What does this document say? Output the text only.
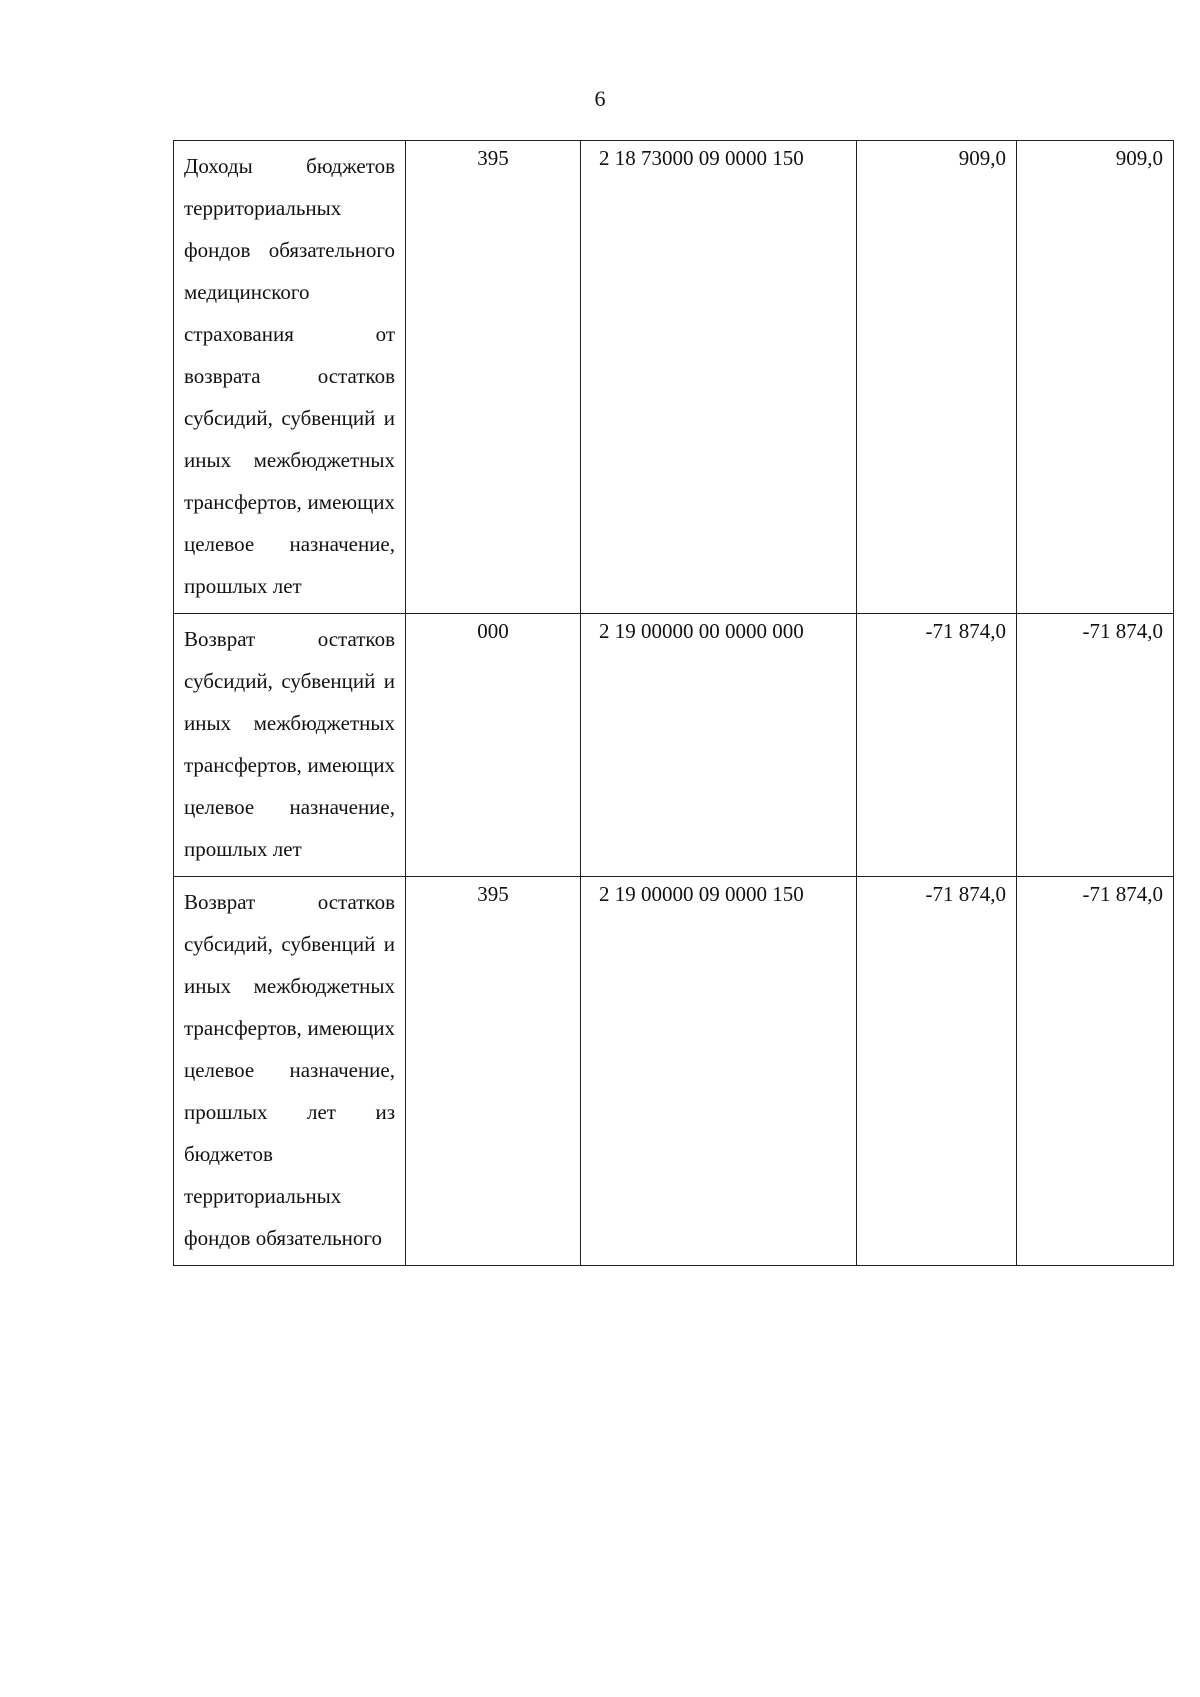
6
Доходы бюджетов территориальных фондов обязательного медицинского страхования от возврата остатков субсидий, субвенций и иных межбюджетных трансфертов, имеющих целевое назначение, прошлых лет	395	2 18 73000 09 0000 150	909,0	909,0
Возврат остатков субсидий, субвенций и иных межбюджетных трансфертов, имеющих целевое назначение, прошлых лет	000	2 19 00000 00 0000 000	-71 874,0	-71 874,0
Возврат остатков субсидий, субвенций и иных межбюджетных трансфертов, имеющих целевое назначение, прошлых лет из бюджетов территориальных фондов обязательного	395	2 19 00000 09 0000 150	-71 874,0	-71 874,0
